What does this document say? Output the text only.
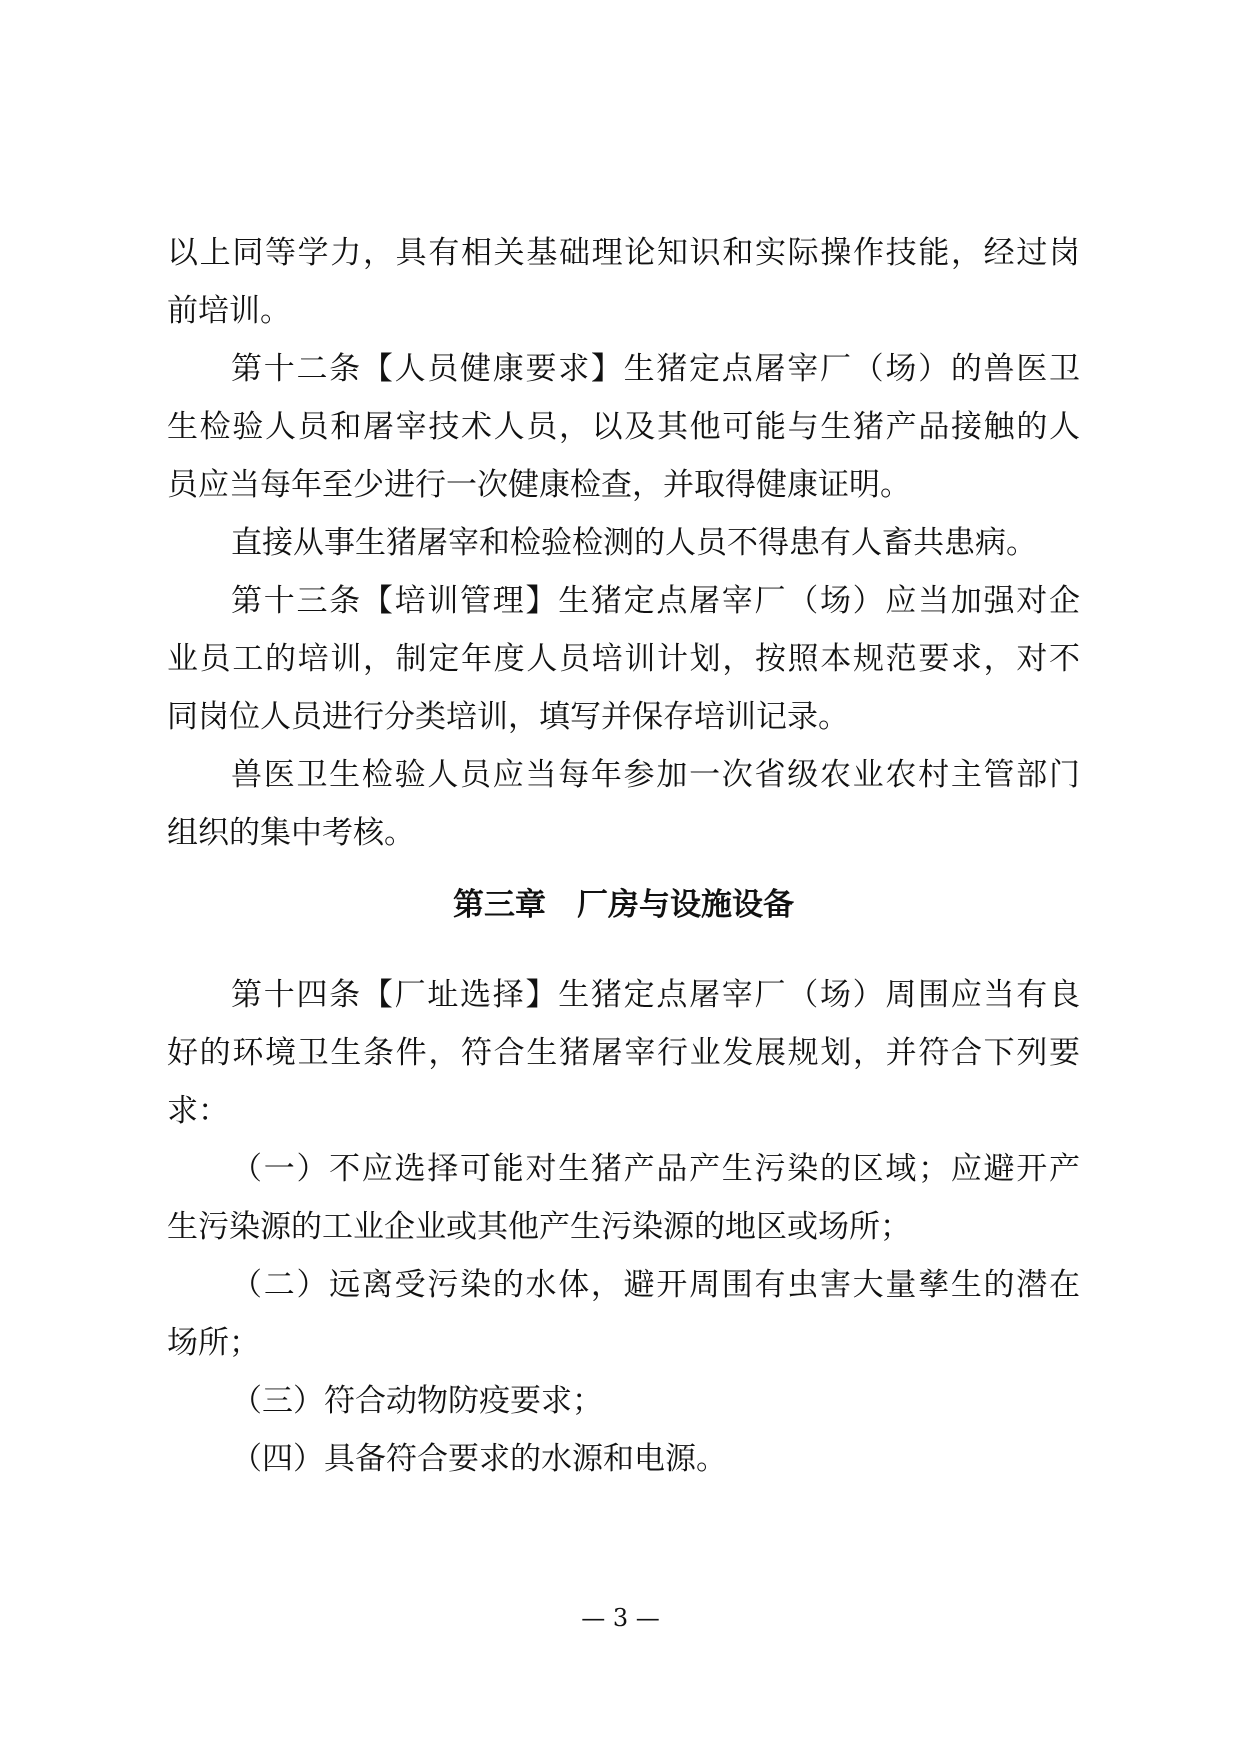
以上同等学力，具有相关基础理论知识和实际操作技能，经过岗
前培训。
第十二条【人员健康要求】生猪定点屠宰厂（场）的兽医卫
生检验人员和屠宰技术人员，以及其他可能与生猪产品接触的人
员应当每年至少进行一次健康检查，并取得健康证明。
直接从事生猪屠宰和检验检测的人员不得患有人畜共患病。
第十三条【培训管理】生猪定点屠宰厂（场）应当加强对企
业员工的培训，制定年度人员培训计划，按照本规范要求，对不
同岗位人员进行分类培训，填写并保存培训记录。
兽医卫生检验人员应当每年参加一次省级农业农村主管部门
组织的集中考核。
第三章　厂房与设施设备
第十四条【厂址选择】生猪定点屠宰厂（场）周围应当有良
好的环境卫生条件，符合生猪屠宰行业发展规划，并符合下列要
求：
（一）不应选择可能对生猪产品产生污染的区域；应避开产
生污染源的工业企业或其他产生污染源的地区或场所；
（二）远离受污染的水体，避开周围有虫害大量孳生的潜在
场所；
（三）符合动物防疫要求；
（四）具备符合要求的水源和电源。
— 3 —
